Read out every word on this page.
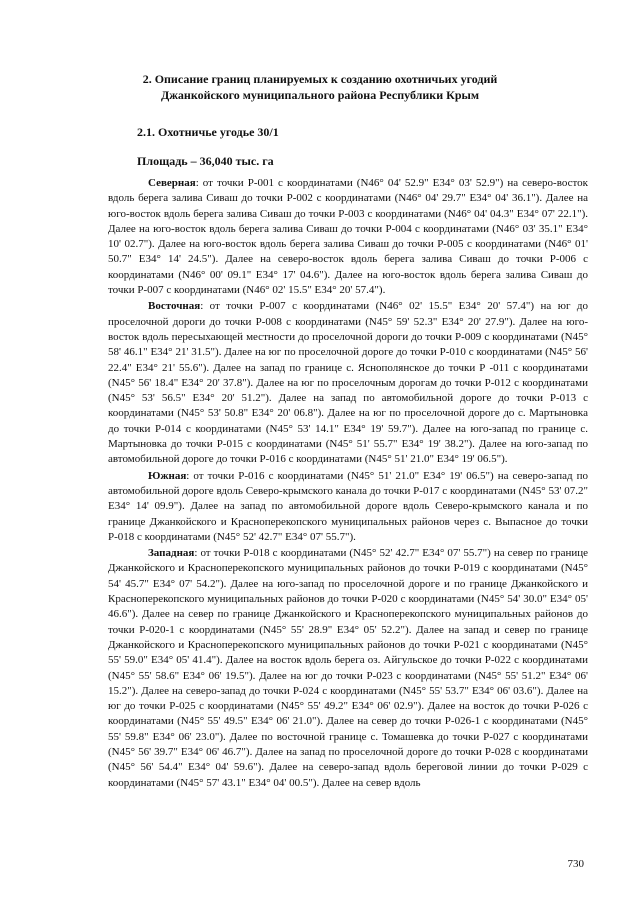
2. Описание границ планируемых к созданию охотничьих угодий
Джанкойского муниципального района Республики Крым
2.1. Охотничье угодье 30/1
Площадь – 36,040 тыс. га

Северная: от точки Р-001 с координатами (N46° 04' 52.9" E34° 03' 52.9") на северо-восток вдоль берега залива Сиваш до точки Р-002 с координатами (N46° 04' 29.7" E34° 04' 36.1"). Далее на юго-восток вдоль берега залива Сиваш до точки Р-003 с координатами (N46° 04' 04.3" E34° 07' 22.1"). Далее на юго-восток вдоль берега залива Сиваш до точки Р-004 с координатами (N46° 03' 35.1" E34° 10' 02.7"). Далее на юго-восток вдоль берега залива Сиваш до точки Р-005 с координатами (N46° 01' 50.7" E34° 14' 24.5"). Далее на северо-восток вдоль берега залива Сиваш до точки Р-006 с координатами (N46° 00' 09.1" E34° 17' 04.6"). Далее на юго-восток вдоль берега залива Сиваш до точки Р-007 с координатами (N46° 02' 15.5" E34° 20' 57.4").

Восточная: от точки Р-007 с координатами (N46° 02' 15.5" E34° 20' 57.4") на юг до проселочной дороги до точки Р-008 с координатами (N45° 59' 52.3" E34° 20' 27.9"). Далее на юго-восток вдоль пересыхающей местности до проселочной дороги до точки Р-009 с координатами (N45° 58' 46.1" E34° 21' 31.5"). Далее на юг по проселочной дороге до точки Р-010 с координатами (N45° 56' 22.4" E34° 21' 55.6"). Далее на запад по границе с. Яснополянское до точки Р -011 с координатами (N45° 56' 18.4" E34° 20' 37.8"). Далее на юг по проселочным дорогам до точки Р-012 с координатами (N45° 53' 56.5" E34° 20' 51.2"). Далее на запад по автомобильной дороге до точки Р-013 с координатами (N45° 53' 50.8" E34° 20' 06.8"). Далее на юг по проселочной дороге до с. Мартыновка до точки Р-014 с координатами (N45° 53' 14.1" E34° 19' 59.7"). Далее на юго-запад по границе с. Мартыновка до точки Р-015 с координатами (N45° 51' 55.7" E34° 19' 38.2"). Далее на юго-запад по автомобильной дороге до точки Р-016 с координатами (N45° 51' 21.0" E34° 19' 06.5").

Южная: от точки Р-016 с координатами (N45° 51' 21.0" E34° 19' 06.5") на северо-запад по автомобильной дороге вдоль Северо-крымского канала до точки Р-017 с координатами (N45° 53' 07.2" E34° 14' 09.9"). Далее на запад по автомобильной дороге вдоль Северо-крымского канала и по границе Джанкойского и Красноперекопского муниципальных районов через с. Выпасное до точки Р-018 с координатами (N45° 52' 42.7" E34° 07' 55.7").

Западная: от точки Р-018 с координатами (N45° 52' 42.7" E34° 07' 55.7") на север по границе Джанкойского и Красноперекопского муниципальных районов до точки Р-019 с координатами (N45° 54' 45.7" E34° 07' 54.2"). Далее на юго-запад по проселочной дороге и по границе Джанкойского и Красноперекопского муниципальных районов до точки Р-020 с координатами (N45° 54' 30.0" E34° 05' 46.6"). Далее на север по границе Джанкойского и Красноперекопского муниципальных районов до точки Р-020-1 с координатами (N45° 55' 28.9" E34° 05' 52.2"). Далее на запад и север по границе Джанкойского и Красноперекопского муниципальных районов до точки Р-021 с координатами (N45° 55' 59.0" E34° 05' 41.4"). Далее на восток вдоль берега оз. Айгульское до точки Р-022 с координатами (N45° 55' 58.6" E34° 06' 19.5"). Далее на юг до точки Р-023 с координатами (N45° 55' 51.2" E34° 06' 15.2"). Далее на северо-запад до точки Р-024 с координатами (N45° 55' 53.7" E34° 06' 03.6"). Далее на юг до точки Р-025 с координатами (N45° 55' 49.2" E34° 06' 02.9"). Далее на восток до точки Р-026 с координатами (N45° 55' 49.5" E34° 06' 21.0"). Далее на север до точки Р-026-1 с координатами (N45° 55' 59.8" E34° 06' 23.0"). Далее по восточной границе с. Томашевка до точки Р-027 с координатами (N45° 56' 39.7" E34° 06' 46.7"). Далее на запад по проселочной дороге до точки Р-028 с координатами (N45° 56' 54.4" E34° 04' 59.6"). Далее на северо-запад вдоль береговой линии до точки Р-029 с координатами (N45° 57' 43.1" E34° 04' 00.5"). Далее на север вдоль

730
